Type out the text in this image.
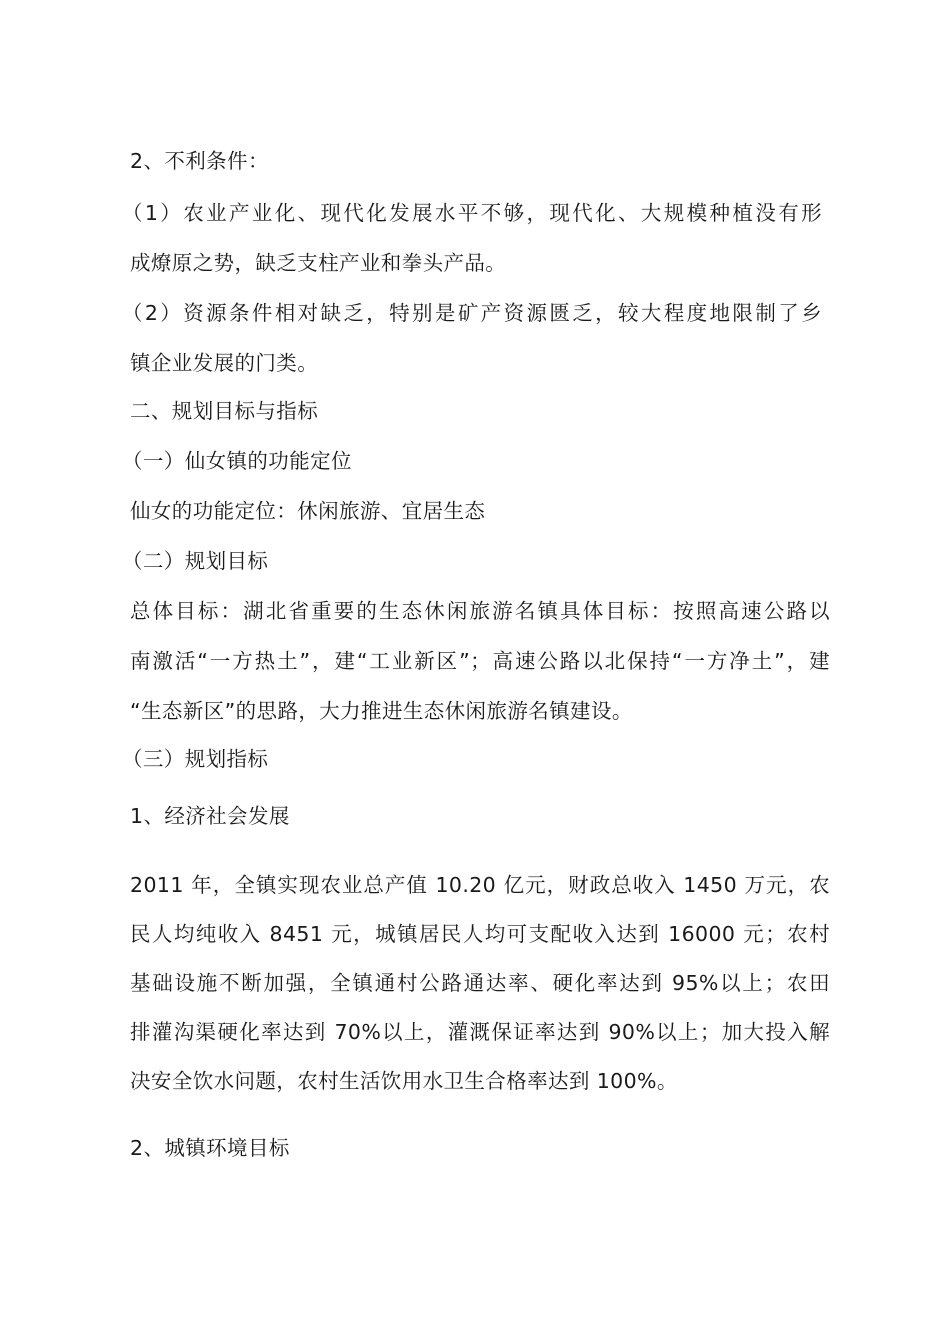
2、不利条件：
（1）农业产业化、现代化发展水平不够，现代化、大规模种植没有形
成燎原之势，缺乏支柱产业和拳头产品。
（2）资源条件相对缺乏，特别是矿产资源匮乏，较大程度地限制了乡
镇企业发展的门类。
二、规划目标与指标
（一）仙女镇的功能定位
仙女的功能定位：休闲旅游、宜居生态
（二）规划目标
总体目标：湖北省重要的生态休闲旅游名镇具体目标：按照高速公路以
南激活“一方热土”，建“工业新区”；高速公路以北保持“一方净土”，建
“生态新区”的思路，大力推进生态休闲旅游名镇建设。
（三）规划指标
1、经济社会发展
2011 年，全镇实现农业总产值 10.20 亿元，财政总收入 1450 万元，农
民人均纯收入 8451 元，城镇居民人均可支配收入达到 16000 元；农村
基础设施不断加强，全镇通村公路通达率、硬化率达到 95%以上；农田
排灌沟渠硬化率达到 70%以上，灌溉保证率达到 90%以上；加大投入解
决安全饮水问题，农村生活饮用水卫生合格率达到 100%。
2、城镇环境目标
